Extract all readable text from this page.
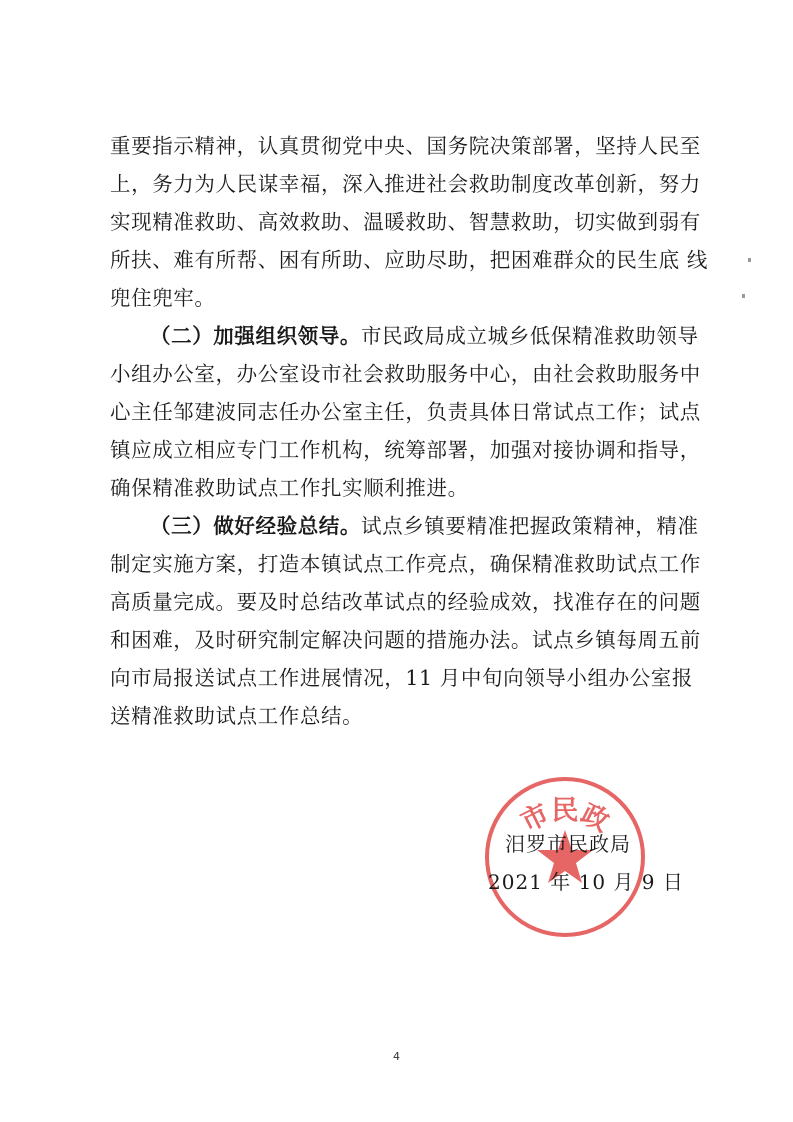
重要指示精神，认真贯彻党中央、国务院决策部署，坚持人民至
上，务力为人民谋幸福，深入推进社会救助制度改革创新，努力
实现精准救助、高效救助、温暖救助、智慧救助，切实做到弱有
所扶、难有所帮、困有所助、应助尽助，把困难群众的民生底 线
兜住兜牢。
（二）加强组织领导。市民政局成立城乡低保精准救助领导
小组办公室，办公室设市社会救助服务中心，由社会救助服务中
心主任邹建波同志任办公室主任，负责具体日常试点工作；试点
镇应成立相应专门工作机构，统筹部署，加强对接协调和指导，
确保精准救助试点工作扎实顺利推进。
（三）做好经验总结。试点乡镇要精准把握政策精神，精准
制定实施方案，打造本镇试点工作亮点，确保精准救助试点工作
高质量完成。要及时总结改革试点的经验成效，找准存在的问题
和困难，及时研究制定解决问题的措施办法。试点乡镇每周五前
向市局报送试点工作进展情况，11 月中旬向领导小组办公室报
送精准救助试点工作总结。
市民政
汨罗市民政局
2021 年 10 月 9 日
4
